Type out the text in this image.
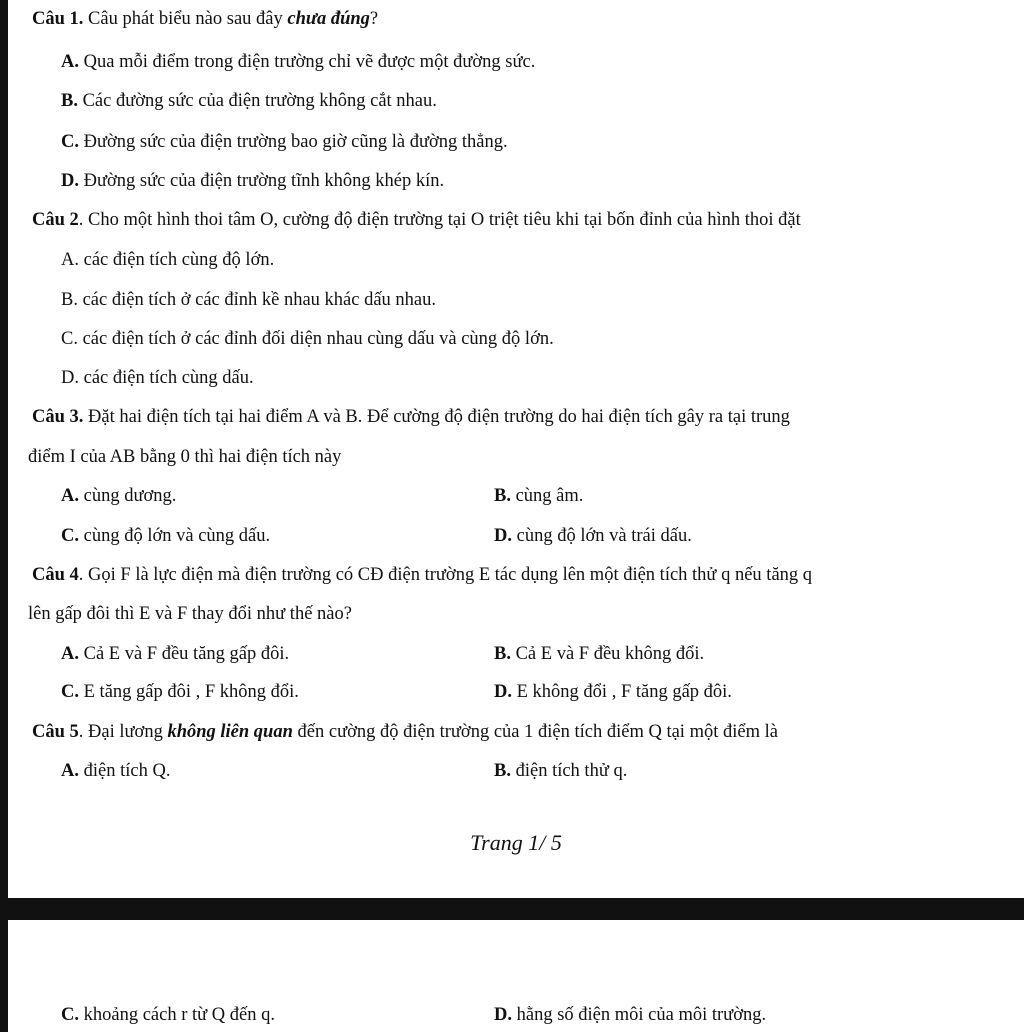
Câu 1. Câu phát biểu nào sau đây chưa đúng?
A. Qua mỗi điểm trong điện trường chỉ vẽ được một đường sức.
B. Các đường sức của điện trường không cắt nhau.
C. Đường sức của điện trường bao giờ cũng là đường thẳng.
D. Đường sức của điện trường tĩnh không khép kín.
Câu 2. Cho một hình thoi tâm O, cường độ điện trường tại O triệt tiêu khi tại bốn đỉnh của hình thoi đặt
A. các điện tích cùng độ lớn.
B. các điện tích ở các đỉnh kề nhau khác dấu nhau.
C. các điện tích ở các đỉnh đối diện nhau cùng dấu và cùng độ lớn.
D. các điện tích cùng dấu.
Câu 3. Đặt hai điện tích tại hai điểm A và B. Để cường độ điện trường do hai điện tích gây ra tại trung
điểm I của AB bằng 0 thì hai điện tích này
A. cùng dương.	B. cùng âm.
C. cùng độ lớn và cùng dấu.	D. cùng độ lớn và trái dấu.
Câu 4. Gọi F là lực điện mà điện trường có CĐ điện trường E tác dụng lên một điện tích thử q nếu tăng q
lên gấp đôi thì E và F thay đổi như thế nào?
A. Cả E và F đều tăng gấp đôi.	B. Cả E và F đều không đổi.
C. E tăng gấp đôi , F không đổi.	D. E không đổi , F tăng gấp đôi.
Câu 5. Đại lương không liên quan đến cường độ điện trường của 1 điện tích điểm Q tại một điểm là
A. điện tích Q.	B. điện tích thử q.
Trang 1/ 5
C. khoảng cách r từ Q đến q.	D. hằng số điện môi của môi trường.
